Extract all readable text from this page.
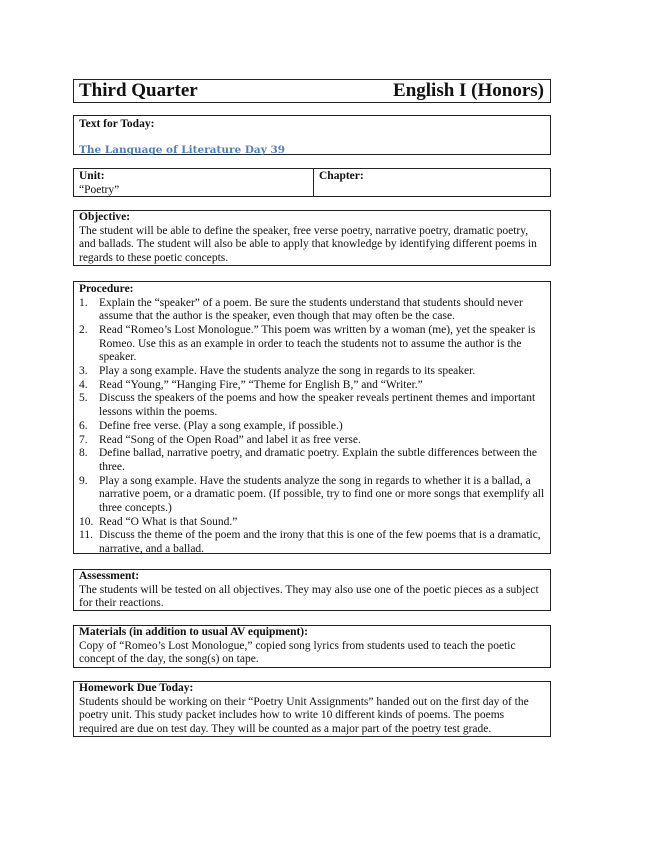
Third Quarter	English I (Honors)
Text for Today:
The Language of Literature Day 39
Unit:
“Poetry”
Chapter:
Objective:
The student will be able to define the speaker, free verse poetry, narrative poetry, dramatic poetry, and ballads. The student will also be able to apply that knowledge by identifying different poems in regards to these poetic concepts.
Procedure:
1. Explain the “speaker” of a poem. Be sure the students understand that students should never assume that the author is the speaker, even though that may often be the case.
2. Read “Romeo’s Lost Monologue.” This poem was written by a woman (me), yet the speaker is Romeo. Use this as an example in order to teach the students not to assume the author is the speaker.
3. Play a song example. Have the students analyze the song in regards to its speaker.
4. Read “Young,” “Hanging Fire,” “Theme for English B,” and “Writer.”
5. Discuss the speakers of the poems and how the speaker reveals pertinent themes and important lessons within the poems.
6. Define free verse. (Play a song example, if possible.)
7. Read “Song of the Open Road” and label it as free verse.
8. Define ballad, narrative poetry, and dramatic poetry. Explain the subtle differences between the three.
9. Play a song example. Have the students analyze the song in regards to whether it is a ballad, a narrative poem, or a dramatic poem. (If possible, try to find one or more songs that exemplify all three concepts.)
10. Read “O What is that Sound.”
11. Discuss the theme of the poem and the irony that this is one of the few poems that is a dramatic, narrative, and a ballad.
Assessment:
The students will be tested on all objectives. They may also use one of the poetic pieces as a subject for their reactions.
Materials (in addition to usual AV equipment):
Copy of “Romeo’s Lost Monologue,” copied song lyrics from students used to teach the poetic concept of the day, the song(s) on tape.
Homework Due Today:
Students should be working on their “Poetry Unit Assignments” handed out on the first day of the poetry unit. This study packet includes how to write 10 different kinds of poems. The poems required are due on test day. They will be counted as a major part of the poetry test grade.
